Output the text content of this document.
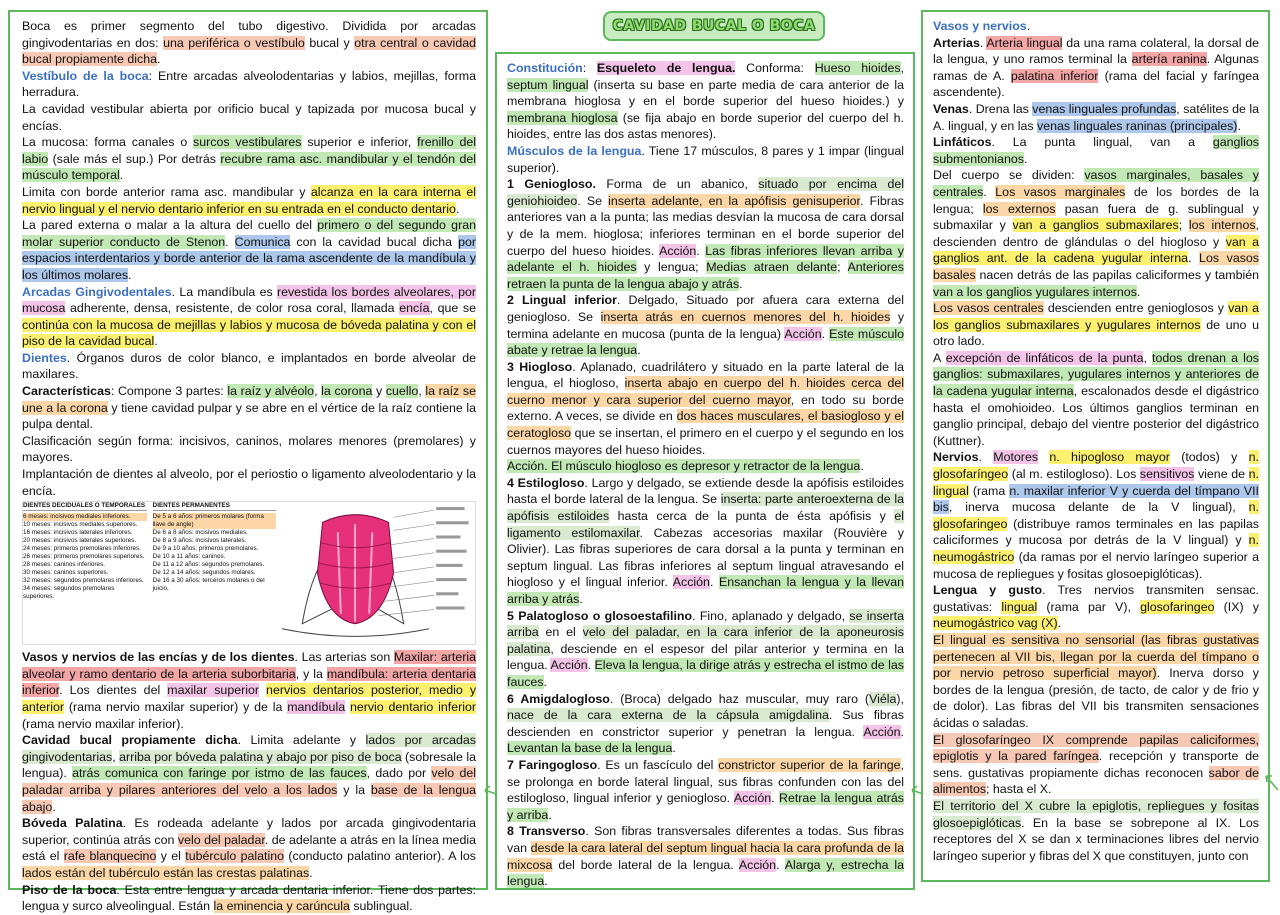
CAVIDAD BUCAL O BOCA

Boca es primer segmento del tubo digestivo. Dividida por arcadas gingivodentarias en dos: una periférica o vestíbulo bucal y otra central o cavidad bucal propiamente dicha.

Vestíbulo de la boca: Entre arcadas alveolodentarias y labios, mejillas, forma herradura.

La cavidad vestibular abierta por orificio bucal y tapizada por mucosa bucal y encías.

La mucosa: forma canales o surcos vestibulares superior e inferior, frenillo del labio (sale más el sup.) Por detrás recubre rama asc. mandibular y el tendón del músculo temporal.

Limita con borde anterior rama asc. mandibular y alcanza en la cara interna el nervio lingual y el nervio dentario inferior en su entrada en el conducto dentario.

La pared externa o malar a la altura del cuello del primero o del segundo gran molar superior conducto de Stenon. Comunica con la cavidad bucal dicha por espacios interdentarios y borde anterior de la rama ascendente de la mandíbula y los últimos molares.

Arcadas Gingivodentales. La mandíbula es revestida los bordes alveolares, por mucosa adherente, densa, resistente, de color rosa coral, llamada encía, que se continúa con la mucosa de mejillas y labios y mucosa de bóveda palatina y con el piso de la cavidad bucal.

Dientes. Órganos duros de color blanco, e implantados en borde alveolar de maxilares.

Características: Compone 3 partes: la raíz y alvéolo, la corona y cuello, la raíz se une a la corona y tiene cavidad pulpar y se abre en el vértice de la raíz contiene la pulpa dental.

Clasificación según forma: incisivos, caninos, molares menores (premolares) y mayores.

Implantación de dientes al alveolo, por el periostio o ligamento alveolodentario y la encía.

DIENTES DECIDUALES O TEMPORALES
6 meses: incisivos mediales inferiores.
10 meses: incisivos mediales superiores.
16 meses: incisivos laterales inferiores.
20 meses: incisivos laterales superiores.
24 meses: primeros premolares inferiores.
26 meses: primeros premolares superiores.
28 meses: caninos inferiores.
30 meses: caninos superiores.
32 meses: segundos premolares inferiores.
34 meses: segundos premolares superiores.
DIENTES PERMANENTES
De 5 a 6 años: primeros molares (forma llave de angle)
De 6 a 8 años: incisivos mediales.
De 8 a 9 años: incisivos laterales.
De 9 a 10 años: primeros premolares.
De 10 a 11 años: caninos.
De 11 a 12 años: segundos premolares.
De 12 a 14 años: segundos molares.
De 16 a 30 años: terceros molares o del juicio,

Vasos y nervios de las encías y de los dientes. Las arterias son Maxilar: arteria alveolar y ramo dentario de la arteria suborbitaria, y la mandíbula: arteria dentaria inferior. Los dientes del maxilar superior nervios dentarios posterior, medio y anterior (rama nervio maxilar superior) y de la mandíbula nervio dentario inferior (rama nervio maxilar inferior).

Cavidad bucal propiamente dicha. Limita adelante y lados por arcadas gingivodentarias, arriba por bóveda palatina y abajo por piso de boca (sobresale la lengua). atrás comunica con faringe por istmo de las fauces, dado por velo del paladar arriba y pilares anteriores del velo a los lados y la base de la lengua abajo.

Bóveda Palatina. Es rodeada adelante y lados por arcada gingivodentaria superior, continúa atrás con velo del paladar. de adelante a atrás en la línea media está el rafe blanquecino y el tubérculo palatino (conducto palatino anterior). A los lados están del tubérculo están las crestas palatinas.

Piso de la boca. Esta entre lengua y arcada dentaria inferior. Tiene dos partes: lengua y surco alveolingual. Están la eminencia y carúncula sublingual.

Constitución: Esqueleto de lengua. Conforma: Hueso hioides, septum lingual (inserta su base en parte media de cara anterior de la membrana hioglosa y en el borde superior del hueso hioides.) y membrana hioglosa (se fija abajo en borde superior del cuerpo del h. hioides, entre las dos astas menores).

Músculos de la lengua. Tiene 17 músculos, 8 pares y 1 impar (lingual superior).

1 Geniogloso. Forma de un abanico, situado por encima del geniohioideo. Se inserta adelante, en la apófisis genisuperior. Fibras anteriores van a la punta; las medias desvían la mucosa de cara dorsal y de la mem. hioglosa; inferiores terminan en el borde superior del cuerpo del hueso hioides. Acción. Las fibras inferiores llevan arriba y adelante el h. hioides y lengua; Medias atraen delante; Anteriores retraen la punta de la lengua abajo y atrás.

2 Lingual inferior. Delgado, Situado por afuera cara externa del geniogloso. Se inserta atrás en cuernos menores del h. hioides y termina adelante en mucosa (punta de la lengua) Acción. Este músculo abate y retrae la lengua.

3 Hiogloso. Aplanado, cuadrilátero y situado en la parte lateral de la lengua, el hiogloso, inserta abajo en cuerpo del h. hioides cerca del cuerno menor y cara superior del cuerno mayor, en todo su borde externo. A veces, se divide en dos haces musculares, el basiogloso y el ceratogloso que se insertan, el primero en el cuerpo y el segundo en los cuernos mayores del hueso hioides.

Acción. El músculo hiogloso es depresor y retractor de la lengua.

4 Estilogloso. Largo y delgado, se extiende desde la apófisis estiloides hasta el borde lateral de la lengua. Se inserta: parte anteroexterna de la apófisis estiloides hasta cerca de la punta de ésta apófisis y el ligamento estilomaxilar. Cabezas accesorias maxilar (Rouvière y Olivier). Las fibras superiores de cara dorsal a la punta y terminan en septum lingual. Las fibras inferiores al septum lingual atravesando el hiogloso y el lingual inferior. Acción. Ensanchan la lengua y la llevan arriba y atrás.

5 Palatogloso o glosoestafilino. Fino, aplanado y delgado, se inserta arriba en el velo del paladar, en la cara inferior de la aponeurosis palatina, desciende en el espesor del pilar anterior y termina en la lengua. Acción. Eleva la lengua, la dirige atrás y estrecha el istmo de las fauces.

6 Amigdalogloso. (Broca) delgado haz muscular, muy raro (Viéla), nace de la cara externa de la cápsula amigdalina. Sus fibras descienden en constrictor superior y penetran la lengua. Acción. Levantan la base de la lengua.

7 Faringogloso. Es un fascículo del constrictor superior de la faringe, se prolonga en borde lateral lingual, sus fibras confunden con las del estilogloso, lingual inferior y geniogloso. Acción. Retrae la lengua atrás y arriba.

8 Transverso. Son fibras transversales diferentes a todas. Sus fibras van desde la cara lateral del septum lingual hacia la cara profunda de la mixcosa del borde lateral de la lengua. Acción. Alarga y, estrecha la lengua.

Vasos y nervios.

Arterias. Arteria lingual da una rama colateral, la dorsal de la lengua, y uno ramos terminal la artería ranina. Algunas ramas de A. palatina inferior (rama del facial y faríngea ascendente).

Venas. Drena las venas linguales profundas, satélites de la A. lingual, y en las venas linguales raninas (principales).

Linfáticos. La punta lingual, van a ganglios submentonianos.

Del cuerpo se dividen: vasos marginales, basales y centrales. Los vasos marginales de los bordes de la lengua; los externos pasan fuera de g. sublingual y submaxilar y van a ganglios submaxilares; los internos, descienden dentro de glándulas o del hiogloso y van a ganglios ant. de la cadena yugular interna. Los vasos basales nacen detrás de las papilas caliciformes y también van a los ganglios yugulares internos.

Los vasos centrales descienden entre genioglosos y van a los ganglios submaxilares y yugulares internos de uno u otro lado.

A excepción de linfáticos de la punta, todos drenan a los ganglios: submaxilares, yugulares internos y anteriores de la cadena yugular interna, escalonados desde el digástrico hasta el omohioideo. Los últimos ganglios terminan en ganglio principal, debajo del vientre posterior del digástrico (Kuttner).

Nervios. Motores n. hipogloso mayor (todos) y n. glosofaríngeo (al m. estilogloso). Los sensitivos viene de n. lingual (rama n. maxilar inferior V y cuerda del tímpano VII bis, inerva mucosa delante de la V lingual), n. glosofaringeo (distribuye ramos terminales en las papilas caliciformes y mucosa por detrás de la V lingual) y n. neumogástrico (da ramas por el nervio laríngeo superior a mucosa de repliegues y fositas glosoepiglóticas).

Lengua y gusto. Tres nervios transmiten sensac. gustativas: lingual (rama par V), glosofaringeo (IX) y neumogástrico vag (X).

El lingual es sensitiva no sensorial (las fibras gustativas pertenecen al VII bis, llegan por la cuerda del tímpano o por nervio petroso superficial mayor). Inerva dorso y bordes de la lengua (presión, de tacto, de calor y de frio y de dolor). Las fibras del VII bis transmiten sensaciones ácidas o saladas.

El glosofaríngeo IX comprende papilas caliciformes, epiglotis y la pared faríngea. recepción y transporte de sens. gustativas propiamente dichas reconocen sabor de alimentos; hasta el X.

El territorio del X cubre la epiglotis, repliegues y fositas glosoepiglóticas. En la base se sobrepone al IX. Los receptores del X se dan x terminaciones libres del nervio laríngeo superior y fibras del X que constituyen, junto con
